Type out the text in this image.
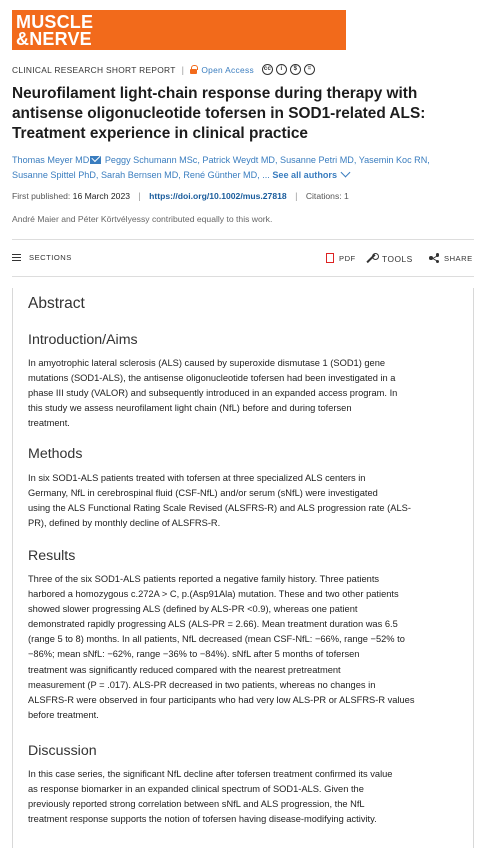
MUSCLE
&NERVE
CLINICAL RESEARCH SHORT REPORT | Open Access	cc	i	$	=
Neurofilament light-chain response during therapy with antisense oligonucleotide tofersen in SOD1-related ALS: Treatment experience in clinical practice
Thomas Meyer MD Peggy Schumann MSc, Patrick Weydt MD, Susanne Petri MD, Yasemin Koc RN,
Susanne Spittel PhD, Sarah Bernsen MD, René Günther MD, ... See all authors
First published: 16 March 2023 | https://doi.org/10.1002/mus.27818 | Citations: 1
André Maier and Péter Körtvélyessy contributed equally to this work.
SECTIONS	PDF	TOOLS	SHARE
Abstract
Introduction/Aims
In amyotrophic lateral sclerosis (ALS) caused by superoxide dismutase 1 (SOD1) gene
mutations (SOD1-ALS), the antisense oligonucleotide tofersen had been investigated in a
phase III study (VALOR) and subsequently introduced in an expanded access program. In
this study we assess neurofilament light chain (NfL) before and during tofersen
treatment.
Methods
In six SOD1-ALS patients treated with tofersen at three specialized ALS centers in
Germany, NfL in cerebrospinal fluid (CSF-NfL) and/or serum (sNfL) were investigated
using the ALS Functional Rating Scale Revised (ALSFRS-R) and ALS progression rate (ALS-
PR), defined by monthly decline of ALSFRS-R.
Results
Three of the six SOD1-ALS patients reported a negative family history. Three patients
harbored a homozygous c.272A > C, p.(Asp91Ala) mutation. These and two other patients
showed slower progressing ALS (defined by ALS-PR <0.9), whereas one patient
demonstrated rapidly progressing ALS (ALS-PR = 2.66). Mean treatment duration was 6.5
(range 5 to 8) months. In all patients, NfL decreased (mean CSF-NfL: −66%, range −52% to
−86%; mean sNfL: −62%, range −36% to −84%). sNfL after 5 months of tofersen
treatment was significantly reduced compared with the nearest pretreatment
measurement (P = .017). ALS-PR decreased in two patients, whereas no changes in
ALSFRS-R were observed in four participants who had very low ALS-PR or ALSFRS-R values
before treatment.
Discussion
In this case series, the significant NfL decline after tofersen treatment confirmed its value
as response biomarker in an expanded clinical spectrum of SOD1-ALS. Given the
previously reported strong correlation between sNfL and ALS progression, the NfL
treatment response supports the notion of tofersen having disease-modifying activity.
